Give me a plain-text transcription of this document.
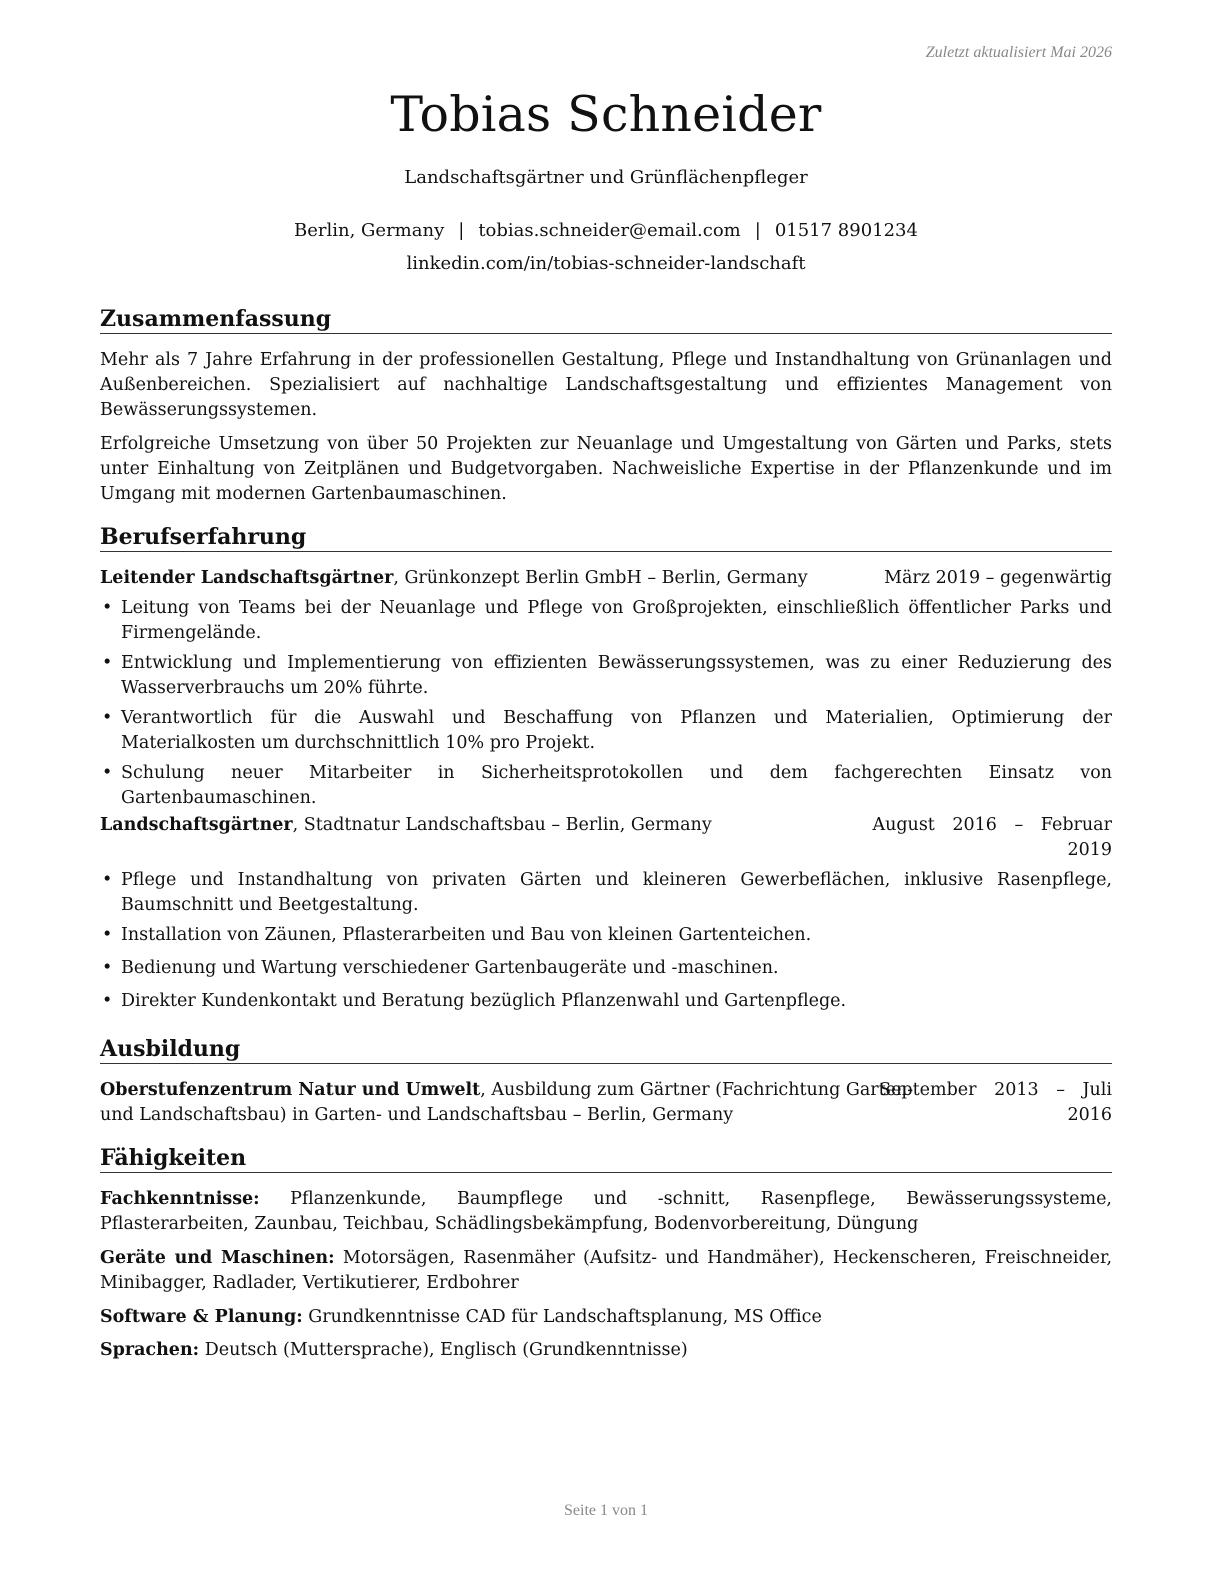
Zuletzt aktualisiert Mai 2026
Tobias Schneider
Landschaftsgärtner und Grünflächenpfleger
Berlin, Germany | tobias.schneider@email.com | 01517 8901234
linkedin.com/in/tobias-schneider-landschaft
Zusammenfassung

Mehr als 7 Jahre Erfahrung in der professionellen Gestaltung, Pflege und Instandhaltung von Grünanlagen und Außenbereichen. Spezialisiert auf nachhaltige Landschaftsgestaltung und effizientes Management von Bewässerungssystemen.

Erfolgreiche Umsetzung von über 50 Projekten zur Neuanlage und Umgestaltung von Gärten und Parks, stets unter Einhaltung von Zeitplänen und Budgetvorgaben. Nachweisliche Expertise in der Pflanzenkunde und im Umgang mit modernen Gartenbaumaschinen.

Berufserfahrung
Leitender Landschaftsgärtner, Grünkonzept Berlin GmbH – Berlin, Germany	März 2019 – gegenwärtig
• Leitung von Teams bei der Neuanlage und Pflege von Großprojekten, einschließlich öffentlicher Parks und Firmengelände.
• Entwicklung und Implementierung von effizienten Bewässerungssystemen, was zu einer Reduzierung des Wasserverbrauchs um 20% führte.
• Verantwortlich für die Auswahl und Beschaffung von Pflanzen und Materialien, Optimierung der Materialkosten um durchschnittlich 10% pro Projekt.
• Schulung neuer Mitarbeiter in Sicherheitsprotokollen und dem fachgerechten Einsatz von Gartenbaumaschinen.
Landschaftsgärtner, Stadtnatur Landschaftsbau – Berlin, Germany	August 2016 – Februar
2019
• Pflege und Instandhaltung von privaten Gärten und kleineren Gewerbeflächen, inklusive Rasenpflege, Baumschnitt und Beetgestaltung.
• Installation von Zäunen, Pflasterarbeiten und Bau von kleinen Gartenteichen.
• Bedienung und Wartung verschiedener Gartenbaugeräte und -maschinen.
• Direkter Kundenkontakt und Beratung bezüglich Pflanzenwahl und Gartenpflege.
Ausbildung
Oberstufenzentrum Natur und Umwelt, Ausbildung zum Gärtner (Fachrichtung Garten-
und Landschaftsbau) in Garten- und Landschaftsbau – Berlin, Germany
September 2013 – Juli
2016
Fähigkeiten

Fachkenntnisse: Pflanzenkunde, Baumpflege und -schnitt, Rasenpflege, Bewässerungssysteme, Pflasterarbeiten, Zaunbau, Teichbau, Schädlingsbekämpfung, Bodenvorbereitung, Düngung

Geräte und Maschinen: Motorsägen, Rasenmäher (Aufsitz- und Handmäher), Heckenscheren, Freischneider, Minibagger, Radlader, Vertikutierer, Erdbohrer

Software & Planung: Grundkenntnisse CAD für Landschaftsplanung, MS Office

Sprachen: Deutsch (Muttersprache), Englisch (Grundkenntnisse)

Seite 1 von 1
